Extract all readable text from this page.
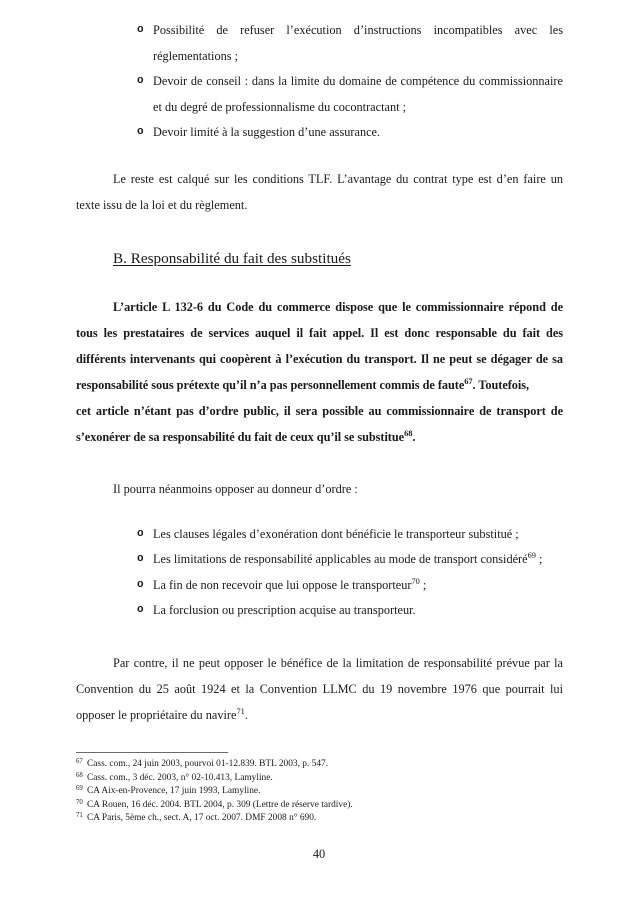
o Possibilité de refuser l’exécution d’instructions incompatibles avec les réglementations ;
o Devoir de conseil : dans la limite du domaine de compétence du commissionnaire et du degré de professionnalisme du cocontractant ;
o Devoir limité à la suggestion d’une assurance.

Le reste est calqué sur les conditions TLF. L’avantage du contrat type est d’en faire un texte issu de la loi et du règlement.

B. Responsabilité du fait des substitués

L’article L 132-6 du Code du commerce dispose que le commissionnaire répond de tous les prestataires de services auquel il fait appel. Il est donc responsable du fait des différents intervenants qui coopèrent à l’exécution du transport. Il ne peut se dégager de sa responsabilité sous prétexte qu’il n’a pas personnellement commis de faute$^{67}$. Toutefois,cet article n’étant pas d’ordre public, il sera possible au commissionnaire de transport de s’exonérer de sa responsabilité du fait de ceux qu’il se substitue$^{68}$.

Il pourra néanmoins opposer au donneur d’ordre :

o Les clauses légales d’exonération dont bénéficie le transporteur substitué ;
o Les limitations de responsabilité applicables au mode de transport considéré$^{69}$ ;
o La fin de non recevoir que lui oppose le transporteur$^{70}$ ;
o La forclusion ou prescription acquise au transporteur.

Par contre, il ne peut opposer le bénéfice de la limitation de responsabilité prévue par la Convention du 25 août 1924 et la Convention LLMC du 19 novembre 1976 que pourrait lui opposer le propriétaire du navire$^{71}$.

67 Cass. com., 24 juin 2003, pourvoi 01-12.839. BTL 2003, p. 547.
68 Cass. com., 3 déc. 2003, n° 02-10.413, Lamyline.
69 CA Aix-en-Provence, 17 juin 1993, Lamyline.
70 CA Rouen, 16 déc. 2004. BTL 2004, p. 309 (Lettre de réserve tardive).
71 CA Paris, 5ème ch., sect. A, 17 oct. 2007. DMF 2008 n° 690.
40
